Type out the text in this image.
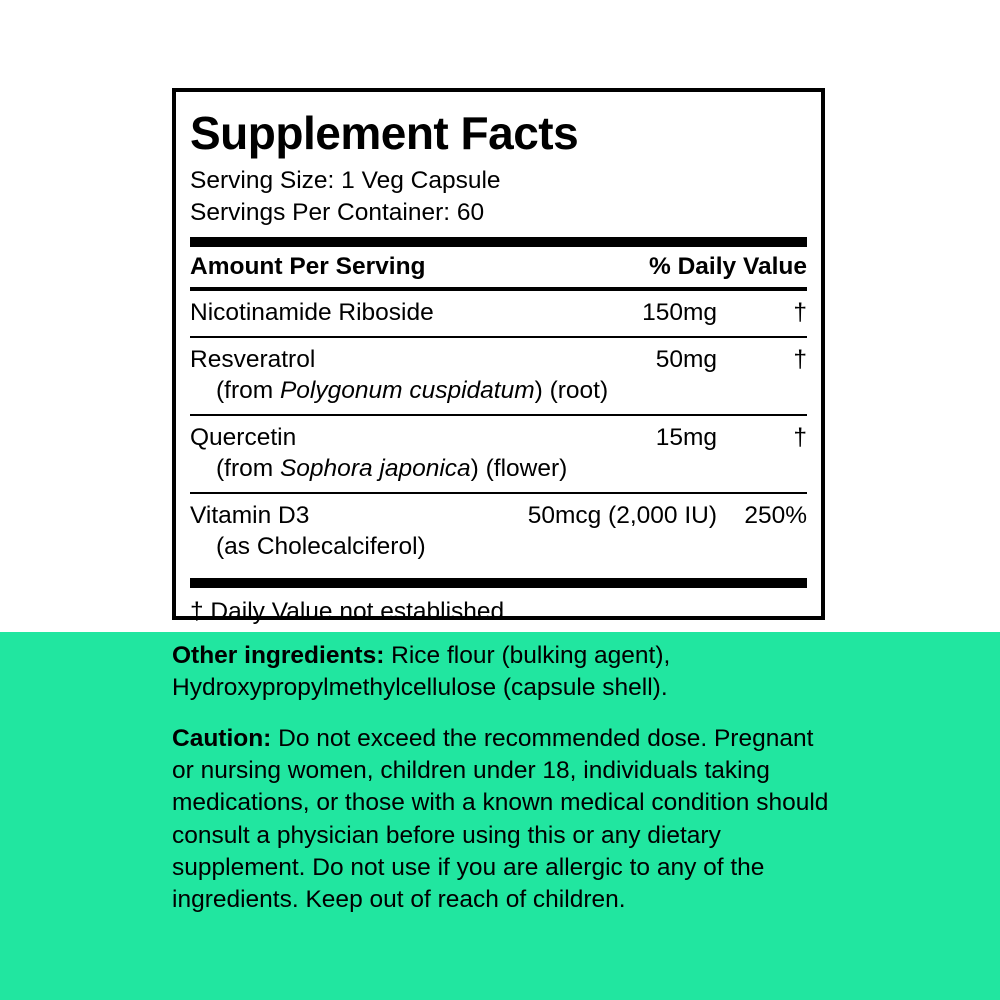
Supplement Facts
Serving Size: 1 Veg Capsule
Servings Per Container: 60
Amount Per Serving	% Daily Value
Nicotinamide Riboside	150mg	†
Resveratrol	50mg	†
(from Polygonum cuspidatum) (root)
Quercetin	15mg	†
(from Sophora japonica) (flower)
Vitamin D3	50mcg (2,000 IU)	250%
(as Cholecalciferol)
† Daily Value not established.

Other ingredients: Rice flour (bulking agent), Hydroxypropylmethylcellulose (capsule shell).

Caution: Do not exceed the recommended dose. Pregnant or nursing women, children under 18, individuals taking medications, or those with a known medical condition should consult a physician before using this or any dietary supplement. Do not use if you are allergic to any of the ingredients. Keep out of reach of children.
